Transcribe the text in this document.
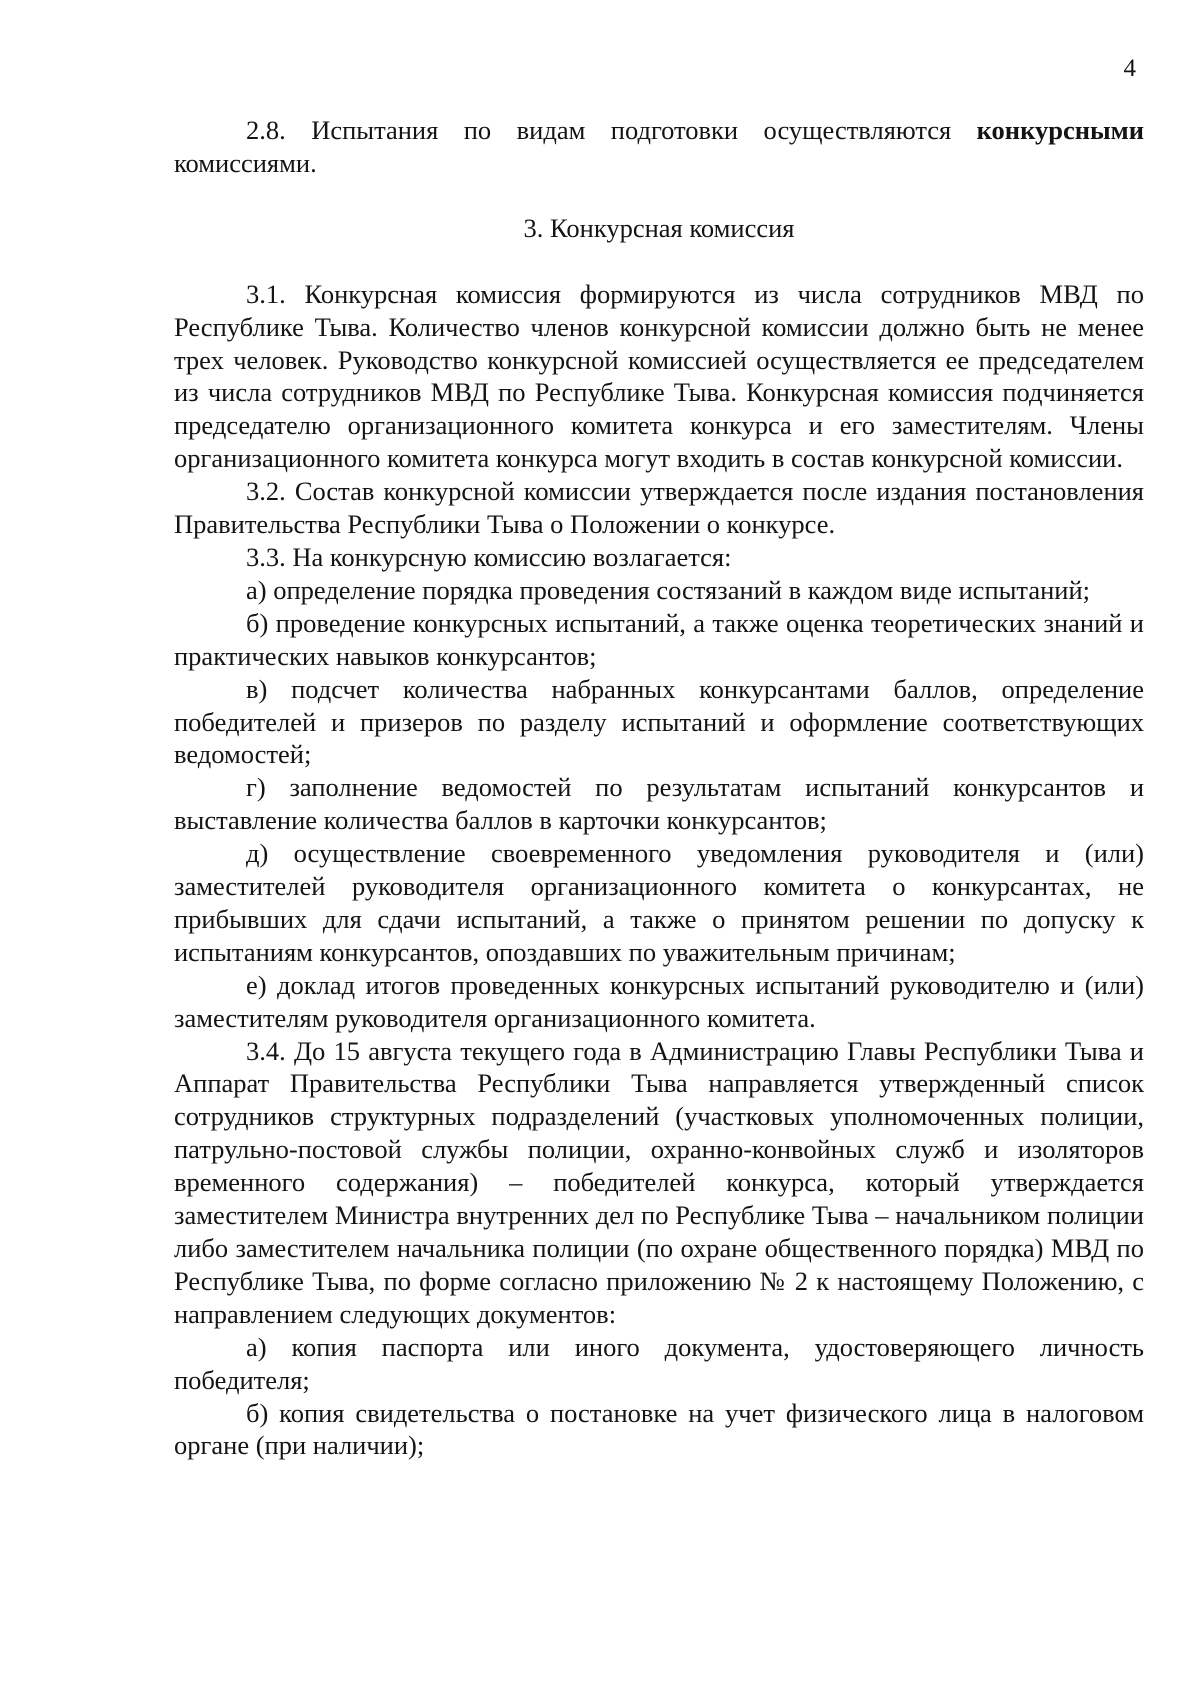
4

2.8. Испытания по видам подготовки осуществляются конкурсными комиссиями.

3. Конкурсная комиссия

3.1. Конкурсная комиссия формируются из числа сотрудников МВД по Республике Тыва. Количество членов конкурсной комиссии должно быть не менее трех человек. Руководство конкурсной комиссией осуществляется ее председателем из числа сотрудников МВД по Республике Тыва. Конкурсная комиссия подчиняется председателю организационного комитета конкурса и его заместителям. Члены организационного комитета конкурса могут входить в состав конкурсной комиссии.

3.2. Состав конкурсной комиссии утверждается после издания постановления Правительства Республики Тыва о Положении о конкурсе.

3.3. На конкурсную комиссию возлагается:

а) определение порядка проведения состязаний в каждом виде испытаний;

б) проведение конкурсных испытаний, а также оценка теоретических знаний и практических навыков конкурсантов;

в) подсчет количества набранных конкурсантами баллов, определение победителей и призеров по разделу испытаний и оформление соответствующих ведомостей;

г) заполнение ведомостей по результатам испытаний конкурсантов и выставление количества баллов в карточки конкурсантов;

д) осуществление своевременного уведомления руководителя и (или) заместителей руководителя организационного комитета о конкурсантах, не прибывших для сдачи испытаний, а также о принятом решении по допуску к испытаниям конкурсантов, опоздавших по уважительным причинам;

е) доклад итогов проведенных конкурсных испытаний руководителю и (или) заместителям руководителя организационного комитета.

3.4. До 15 августа текущего года в Администрацию Главы Республики Тыва и Аппарат Правительства Республики Тыва направляется утвержденный список сотрудников структурных подразделений (участковых уполномоченных полиции, патрульно-постовой службы полиции, охранно-конвойных служб и изоляторов временного содержания) – победителей конкурса, который утверждается заместителем Министра внутренних дел по Республике Тыва – начальником полиции либо заместителем начальника полиции (по охране общественного порядка) МВД по Республике Тыва, по форме согласно приложению № 2 к настоящему Положению, с направлением следующих документов:

а) копия паспорта или иного документа, удостоверяющего личность победителя;

б) копия свидетельства о постановке на учет физического лица в налоговом органе (при наличии);
